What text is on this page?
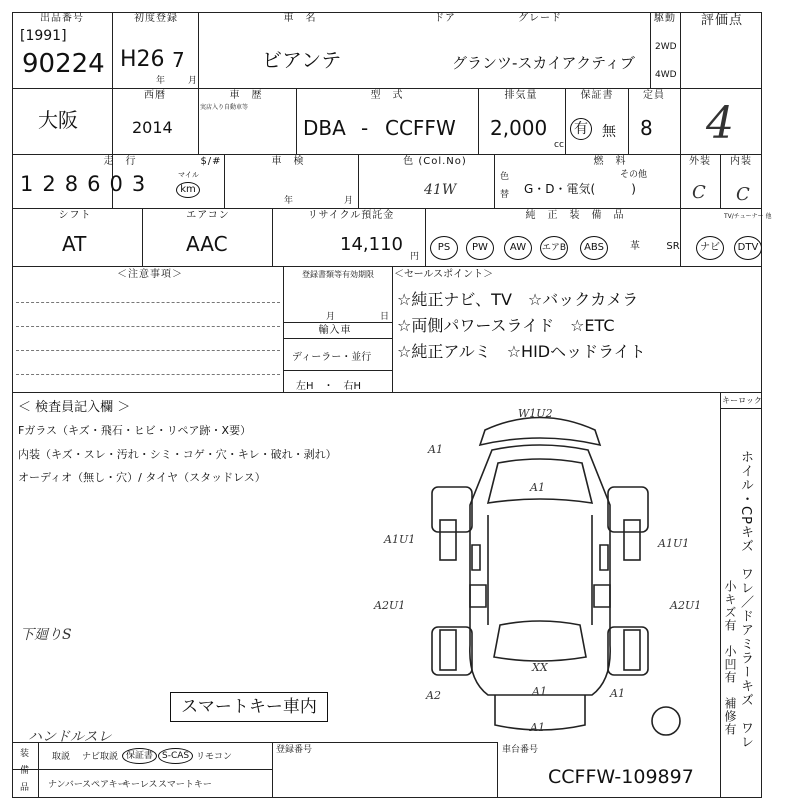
出品番号
[1991]
90224
初度登録
H26 7
年	月
車　名
ビアンテ
ドア	グレード
グランツ-スカイアクティブ
駆動
2WD
4WD
評価点
4
大阪
西暦
2014
車　歴
実店入り自動車等
型　式
DBA - CCFFW
排気量
2,000
cc
保証書
有 無
定員
8
走　行
128603	マイル
km
$/#	車　検
年	月
色 (Col.No)
41W
色
替
燃　料
その他
G・D・電気(　　　)
外装	内装
C C
シフト
AT
エアコン
AAC
リサイクル預託金
14,110
円
純　正　装　備　品	TV/チューナー 他
PS	PW	AW	エアB	ABS	革	SR	ナビ	DTV
＜注意事項＞	登録書類等有効期限
月	日
輸入車
ディーラー・並行
左H　・　右H
＜セールスポイント＞
☆純正ナビ、TV　☆バックカメラ
☆両側パワースライド　☆ETC
☆純正アルミ　☆HIDヘッドライト
＜ 検査員記入欄 ＞
Fガラス（キズ・飛石・ヒビ・リペア跡・X要）
内装（キズ・スレ・汚れ・シミ・コゲ・穴・キレ・破れ・剥れ）
オーディオ（無し・穴）/ タイヤ（スタッドレス）
下廻りS
ハンドルスレ
スマートキー車内
キーロック
ホイル・CPキズ　ワレ／ドアミラーキズ　ワレ
小キズ有　小凹有　補修有
W1U2
A1
A1
A1U1	A1U1
A2U1	A2U1
XX
A1
A2	A1
A1
装
備
品
取説 ナビ取説 保証書 S-CAS リモコン
ナンバー スペアキー
キーレス スマートキー
登録番号	車台番号
CCFFW-109897
